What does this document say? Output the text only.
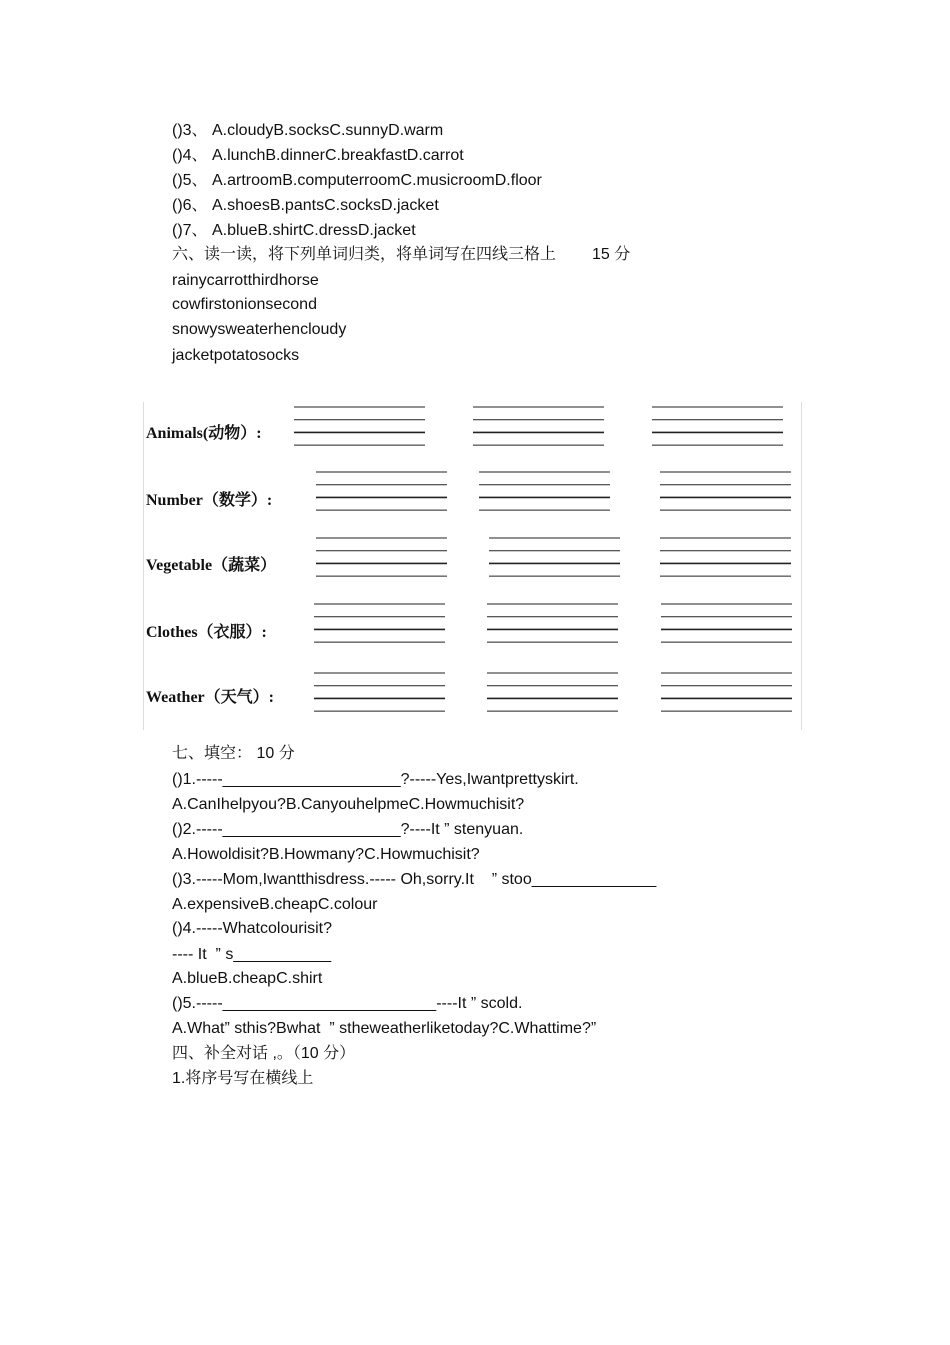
()3、 A.cloudyB.socksC.sunnyD.warm
()4、 A.lunchB.dinnerC.breakfastD.carrot
()5、 A.artroomB.computerroomC.musicroomD.floor
()6、 A.shoesB.pantsC.socksD.jacket
()7、 A.blueB.shirtC.dressD.jacket
六、读一读，将下列单词归类，将单词写在四线三格上 15 分
rainycarrotthirdhorse
cowfirstonionsecond
snowysweaterhencloudy
jacketpotatosocks
Animals(动物）:
Number（数学）:
Vegetable（蔬菜）
Clothes（衣服）:
Weather（天气）:
七、填空： 10 分
()1.-----____________________?-----Yes,Iwantprettyskirt.
A.CanIhelpyou?B.CanyouhelpmeC.Howmuchisit?
()2.-----____________________?----It ” stenyuan.
A.Howoldisit?B.Howmany?C.Howmuchisit?
()3.-----Mom,Iwantthisdress.----- Oh,sorry.It    ” stoo______________
A.expensiveB.cheapC.colour
()4.-----Whatcolourisit?
---- It  ” s___________
A.blueB.cheapC.shirt
()5.-----________________________----It ” scold.
A.What” sthis?Bwhat  ” stheweatherliketoday?C.Whattime?”
四、补全对话 ,。（10 分）
1.将序号写在横线上
